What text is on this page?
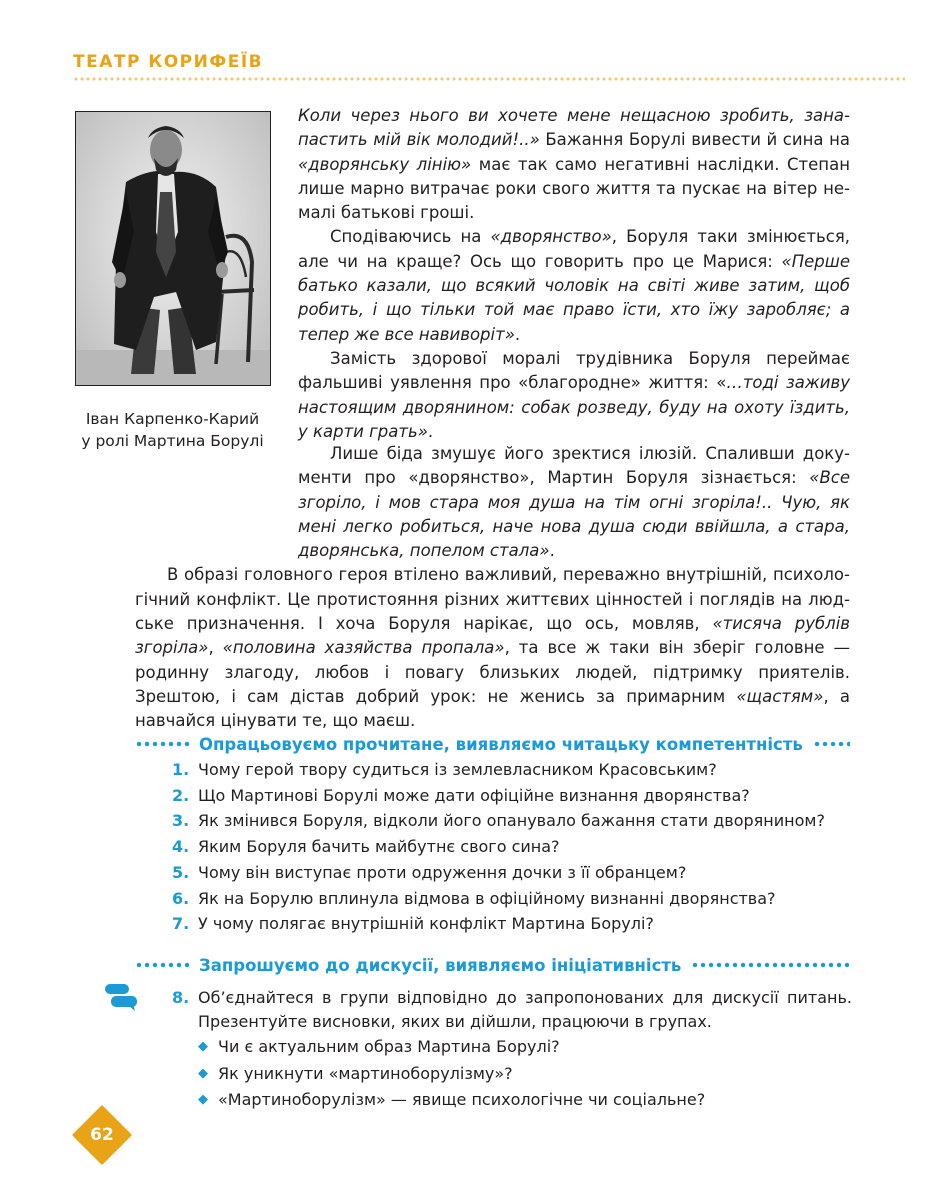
ТЕАТР КОРИФЕЇВ
Іван Карпенко-Карий
у ролі Мартина Борулі

Коли через нього ви хочете мене нещасною зробить, занапастить мій вік молодий!..» Бажання Борулі вивести й сина на «дворянську лінію» має так само негативні наслідки. Степан лише марно витрачає роки свого життя та пускає на вітер немалі батькові гроші.

Сподіваючись на «дворянство», Боруля таки змінюється, але чи на краще? Ось що говорить про це Марися: «Перше батько казали, що всякий чоловік на світі живе затим, щоб робить, і що тільки той має право їсти, хто їжу заробляє; а тепер же все навиворіт».

Замість здорової моралі трудівника Боруля переймає фальшиві уявлення про «благородне» життя: «…тоді заживу настоящим дворянином: собак розведу, буду на охоту їздить, у карти грать».

Лише біда змушує його зректися ілюзій. Спаливши документи про «дворянство», Мартин Боруля зізнається: «Все згоріло, і мов стара моя душа на тім огні згоріла!.. Чую, як мені легко робиться, наче нова душа сюди ввійшла, а стара, дворянська, попелом стала».

В образі головного героя втілено важливий, переважно внутрішній, психологічний конфлікт. Це протистояння різних життєвих цінностей і поглядів на людське призначення. І хоча Боруля нарікає, що ось, мовляв, «тисяча рублів згоріла», «половина хазяйства пропала», та все ж таки він зберіг головне — родинну злагоду, любов і повагу близьких людей, підтримку приятелів. Зрештою, і сам дістав добрий урок: не женись за примарним «щастям», а навчайся цінувати те, що маєш.

Опрацьовуємо прочитане, виявляємо читацьку компетентність
1. Чому герой твору судиться із землевласником Красовським?
2. Що Мартинові Борулі може дати офіційне визнання дворянства?
3. Як змінився Боруля, відколи його опанувало бажання стати дворянином?
4. Яким Боруля бачить майбутнє свого сина?
5. Чому він виступає проти одруження дочки з її обранцем?
6. Як на Борулю вплинула відмова в офіційному визнанні дворянства?
7. У чому полягає внутрішній конфлікт Мартина Борулі?
Запрошуємо до дискусії, виявляємо ініціативність
8. Об’єднайтеся в групи відповідно до запропонованих для дискусії питань. Презентуйте висновки, яких ви дійшли, працюючи в групах.
◆ Чи є актуальним образ Мартина Борулі?
◆ Як уникнути «мартиноборулізму»?
◆ «Мартиноборулізм» — явище психологічне чи соціальне?
62
